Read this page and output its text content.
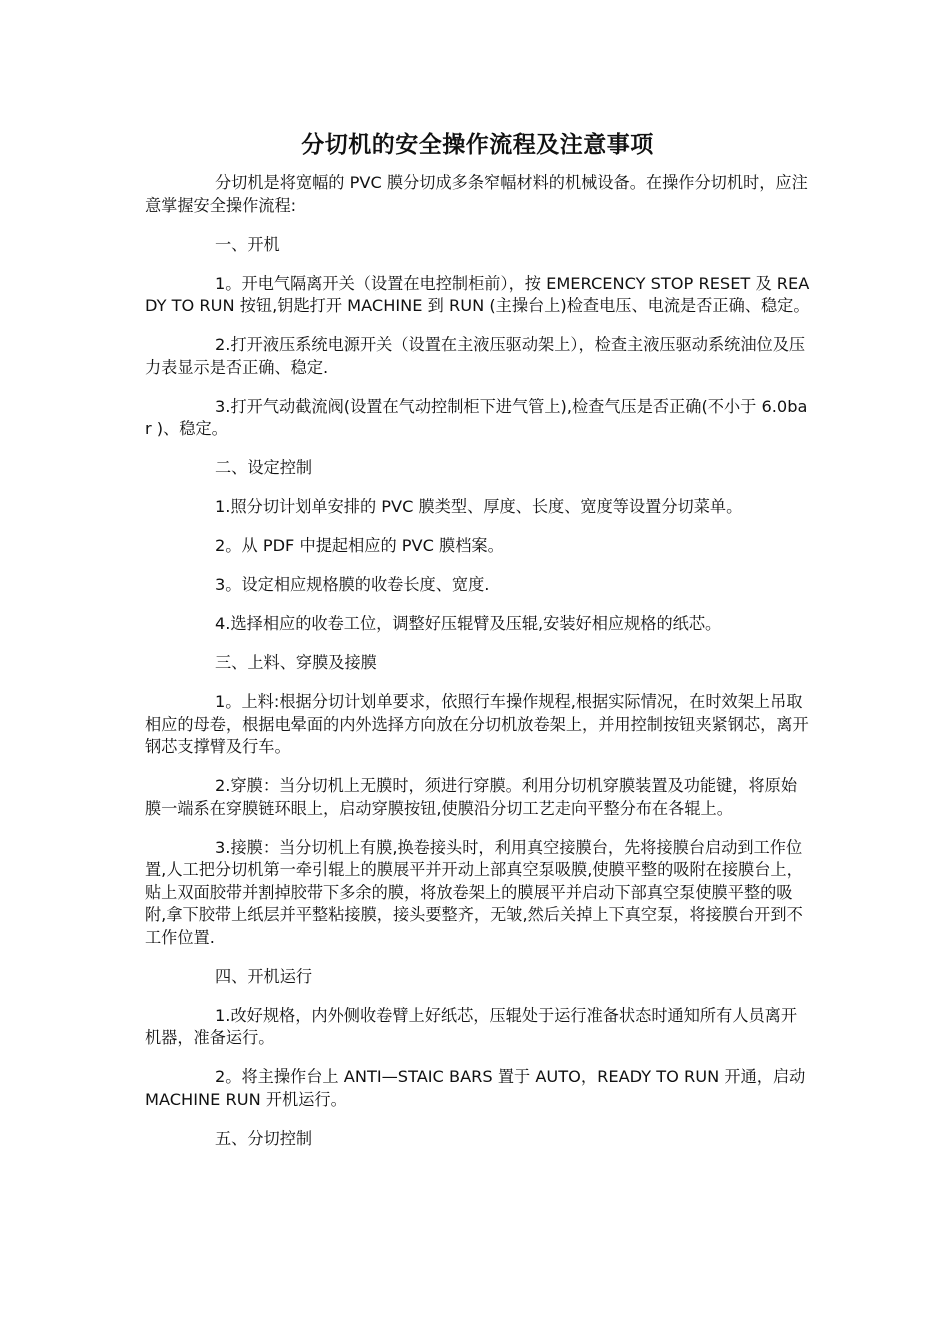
分切机的安全操作流程及注意事项

分切机是将宽幅的 PVC 膜分切成多条窄幅材料的机械设备。在操作分切机时，应注意掌握安全操作流程:

一、开机

1。开电气隔离开关（设置在电控制柜前），按 EMERCENCY STOP RESET 及 READY TO RUN 按钮,钥匙打开 MACHINE 到 RUN (主操台上)检查电压、电流是否正确、稳定。

2.打开液压系统电源开关（设置在主液压驱动架上），检查主液压驱动系统油位及压力表显示是否正确、稳定.

3.打开气动截流阀(设置在气动控制柜下进气管上),检查气压是否正确(不小于 6.0bar )、稳定。

二、设定控制

1.照分切计划单安排的 PVC 膜类型、厚度、长度、宽度等设置分切菜单。

2。从 PDF 中提起相应的 PVC 膜档案。

3。设定相应规格膜的收卷长度、宽度.

4.选择相应的收卷工位，调整好压辊臂及压辊,安装好相应规格的纸芯。

三、上料、穿膜及接膜

1。上料:根据分切计划单要求，依照行车操作规程,根据实际情况，在时效架上吊取相应的母卷，根据电晕面的内外选择方向放在分切机放卷架上，并用控制按钮夹紧钢芯，离开钢芯支撑臂及行车。

2.穿膜：当分切机上无膜时，须进行穿膜。利用分切机穿膜装置及功能键，将原始膜一端系在穿膜链环眼上，启动穿膜按钮,使膜沿分切工艺走向平整分布在各辊上。

3.接膜：当分切机上有膜,换卷接头时，利用真空接膜台，先将接膜台启动到工作位置,人工把分切机第一牵引辊上的膜展平并开动上部真空泵吸膜,使膜平整的吸附在接膜台上，贴上双面胶带并割掉胶带下多余的膜，将放卷架上的膜展平并启动下部真空泵使膜平整的吸附,拿下胶带上纸层并平整粘接膜，接头要整齐，无皱,然后关掉上下真空泵，将接膜台开到不工作位置.

四、开机运行

1.改好规格，内外侧收卷臂上好纸芯，压辊处于运行准备状态时通知所有人员离开机器，准备运行。

2。将主操作台上 ANTI—STAIC BARS 置于 AUTO，READY TO RUN 开通，启动 MACHINE RUN 开机运行。

五、分切控制
